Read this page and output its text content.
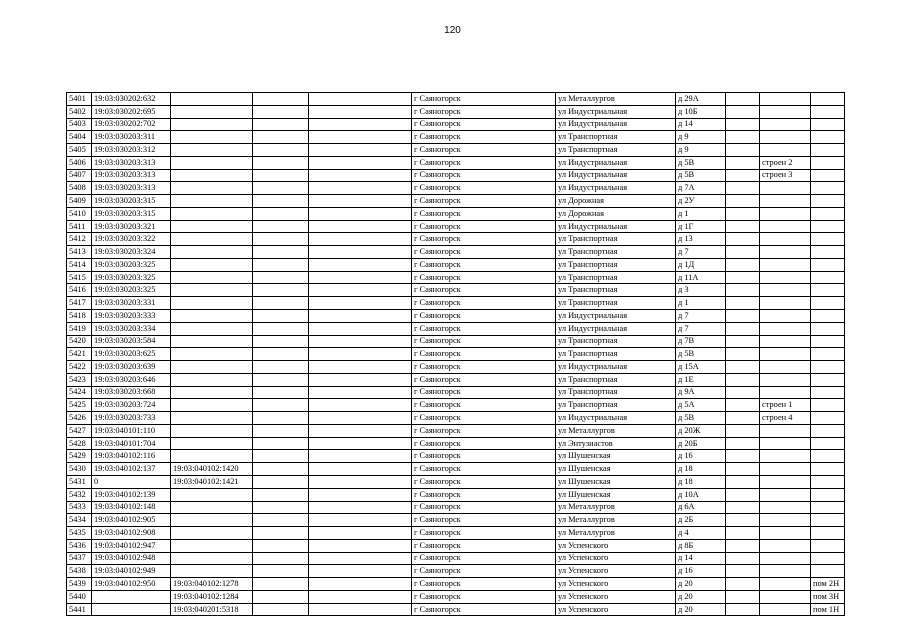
120
5401	19:03:030202:632				г Саяногорск	ул Металлургов	д 29А			
5402	19:03:030202:695				г Саяногорск	ул Индустриальная	д 10Б			
5403	19:03:030202:702				г Саяногорск	ул Индустриальная	д 14			
5404	19:03:030203:311				г Саяногорск	ул Транспортная	д 9			
5405	19:03:030203:312				г Саяногорск	ул Транспортная	д 9			
5406	19:03:030203:313				г Саяногорск	ул Индустриальная	д 5В		строен 2	
5407	19:03:030203:313				г Саяногорск	ул Индустриальная	д 5В		строен 3	
5408	19:03:030203:313				г Саяногорск	ул Индустриальная	д 7А			
5409	19:03:030203:315				г Саяногорск	ул Дорожная	д 2У			
5410	19:03:030203:315				г Саяногорск	ул Дорожная	д 1			
5411	19:03:030203:321				г Саяногорск	ул Индустриальная	д 1Г			
5412	19:03:030203:322				г Саяногорск	ул Транспортная	д 13			
5413	19:03:030203:324				г Саяногорск	ул Транспортная	д 7			
5414	19:03:030203:325				г Саяногорск	ул Транспортная	д 1Д			
5415	19:03:030203:325				г Саяногорск	ул Транспортная	д 11А			
5416	19:03:030203:325				г Саяногорск	ул Транспортная	д 3			
5417	19:03:030203:331				г Саяногорск	ул Транспортная	д 1			
5418	19:03:030203:333				г Саяногорск	ул Индустриальная	д 7			
5419	19:03:030203:334				г Саяногорск	ул Индустриальная	д 7			
5420	19:03:030203:584				г Саяногорск	ул Транспортная	д 7В			
5421	19:03:030203:625				г Саяногорск	ул Транспортная	д 5В			
5422	19:03:030203:639				г Саяногорск	ул Индустриальная	д 15А			
5423	19:03:030203:646				г Саяногорск	ул Транспортная	д 1Е			
5424	19:03:030203:668				г Саяногорск	ул Транспортная	д 9А			
5425	19:03:030203:724				г Саяногорск	ул Транспортная	д 5А		строен 1	
5426	19:03:030203:733				г Саяногорск	ул Индустриальная	д 5В		строен 4	
5427	19:03:040101:110				г Саяногорск	ул Металлургов	д 20Ж			
5428	19:03:040101:704				г Саяногорск	ул Энтузиастов	д 20Б			
5429	19:03:040102:116				г Саяногорск	ул Шушенская	д 16			
5430	19:03:040102:137	19:03:040102:1420			г Саяногорск	ул Шушенская	д 18			
5431	0	19:03:040102:1421			г Саяногорск	ул Шушенская	д 18			
5432	19:03:040102:139				г Саяногорск	ул Шушенская	д 10А			
5433	19:03:040102:148				г Саяногорск	ул Металлургов	д 6А			
5434	19:03:040102:905				г Саяногорск	ул Металлургов	д 2Б			
5435	19:03:040102:908				г Саяногорск	ул Металлургов	д 4			
5436	19:03:040102:947				г Саяногорск	ул Успенского	д 8Б			
5437	19:03:040102:948				г Саяногорск	ул Успенского	д 14			
5438	19:03:040102:949				г Саяногорск	ул Успенского	д 16			
5439	19:03:040102:950	19:03:040102:1278			г Саяногорск	ул Успенского	д 20			пом 2Н
5440		19:03:040102:1284			г Саяногорск	ул Успенского	д 20			пом 3Н
5441		19:03:040201:5318			г Саяногорск	ул Успенского	д 20			пом 1Н
